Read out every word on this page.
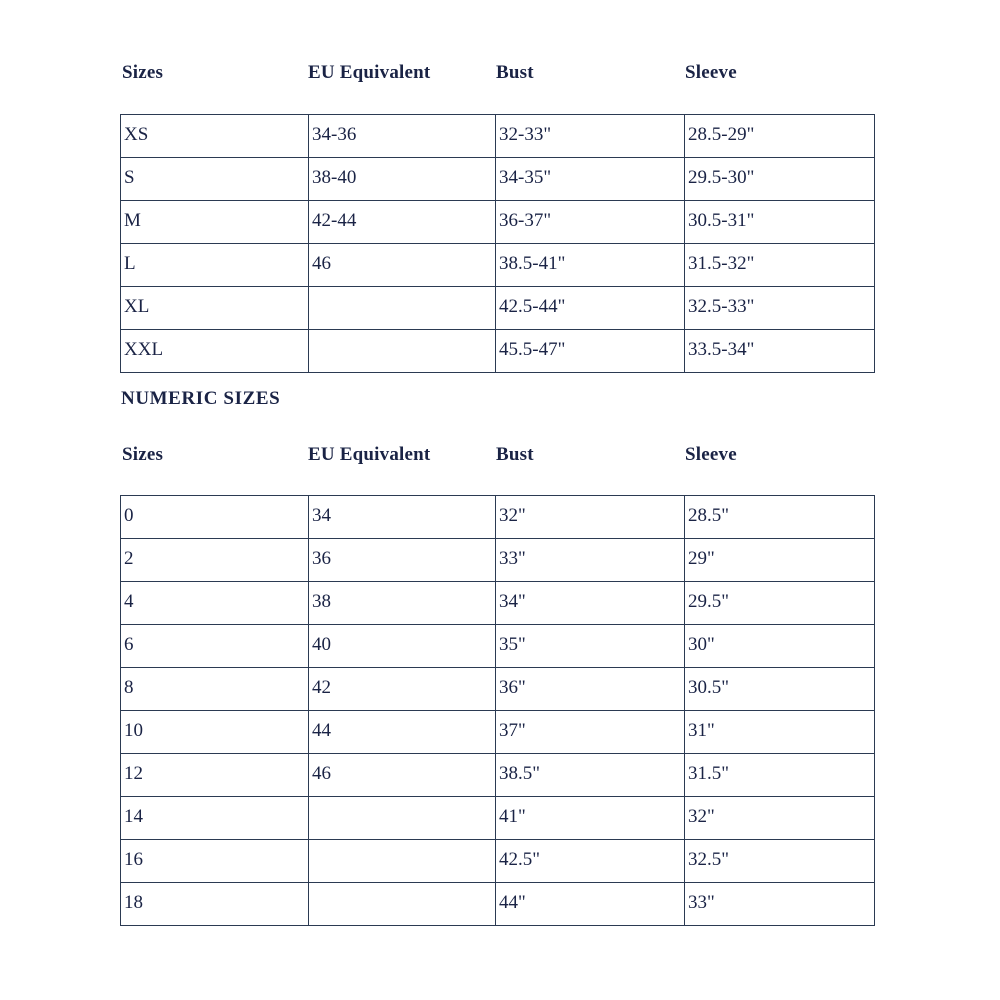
Sizes	EU Equivalent	Bust	Sleeve
XS	34-36	32-33"	28.5-29"
S	38-40	34-35"	29.5-30"
M	42-44	36-37"	30.5-31"
L	46	38.5-41"	31.5-32"
XL		42.5-44"	32.5-33"
XXL		45.5-47"	33.5-34"
NUMERIC SIZES
Sizes	EU Equivalent	Bust	Sleeve
0	34	32"	28.5"
2	36	33"	29"
4	38	34"	29.5"
6	40	35"	30"
8	42	36"	30.5"
10	44	37"	31"
12	46	38.5"	31.5"
14		41"	32"
16		42.5"	32.5"
18		44"	33"
